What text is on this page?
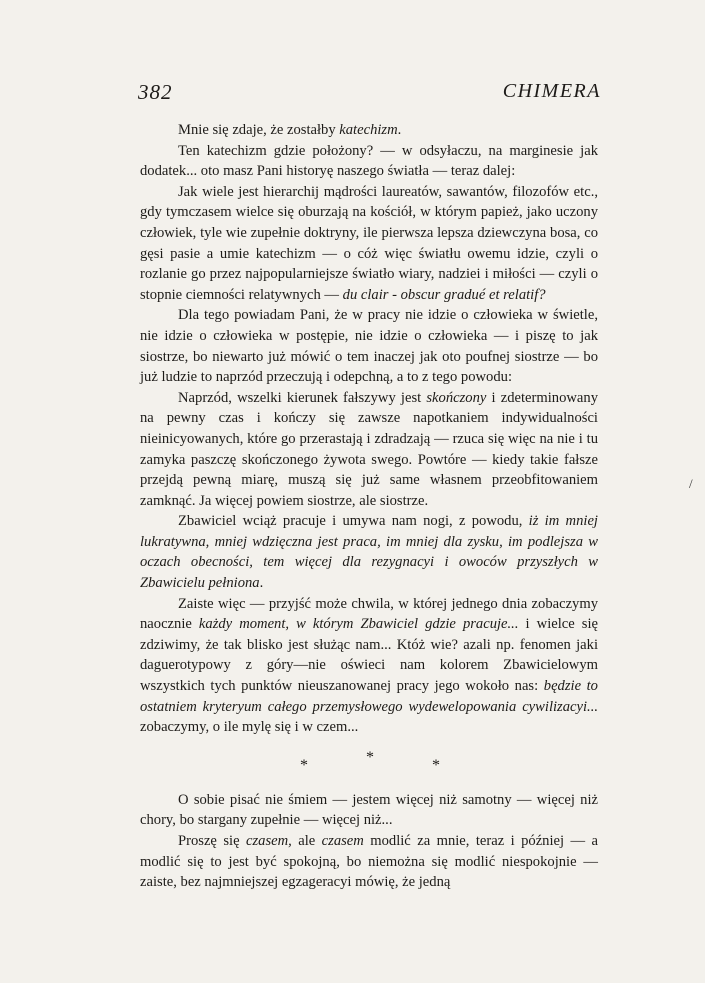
382	CHIMERA

Mnie się zdaje, że zostałby katechizm.

Ten katechizm gdzie położony? — w odsyłaczu, na marginesie jak dodatek... oto masz Pani historyę naszego światła — teraz dalej:

Jak wiele jest hierarchij mądrości laureatów, sawantów, filozofów etc., gdy tymczasem wielce się oburzają na kościół, w którym papież, jako uczony człowiek, tyle wie zupełnie doktryny, ile pierwsza lepsza dziewczyna bosa, co gęsi pasie a umie katechizm — o cóż więc światłu owemu idzie, czyli o rozlanie go przez najpopularniejsze światło wiary, nadziei i miłości — czyli o stopnie ciemności relatywnych — du clair - obscur gradué et relatif?

Dla tego powiadam Pani, że w pracy nie idzie o człowieka w świetle, nie idzie o człowieka w postępie, nie idzie o człowieka — i piszę to jak siostrze, bo niewarto już mówić o tem inaczej jak oto poufnej siostrze — bo już ludzie to naprzód przeczują i odepchną, a to z tego powodu:

Naprzód, wszelki kierunek fałszywy jest skończony i zdeterminowany na pewny czas i kończy się zawsze napotkaniem indywidualności nieinicyowanych, które go przerastają i zdradzają — rzuca się więc na nie i tu zamyka paszczę skończonego żywota swego. Powtóre — kiedy takie fałsze przejdą pewną miarę, muszą się już same własnem przeobfitowaniem zamknąć. Ja więcej powiem siostrze, ale siostrze.

Zbawiciel wciąż pracuje i umywa nam nogi, z powodu, iż im mniej lukratywna, mniej wdzięczna jest praca, im mniej dla zysku, im podlejsza w oczach obecności, tem więcej dla rezygnacyi i owoców przyszłych w Zbawicielu pełniona.

Zaiste więc — przyjść może chwila, w której jednego dnia zobaczymy naocznie każdy moment, w którym Zbawiciel gdzie pracuje... i wielce się zdziwimy, że tak blisko jest służąc nam... Któż wie? azali np. fenomen jaki daguerotypowy z góry—nie oświeci nam kolorem Zbawicielowym wszystkich tych punktów nieuszanowanej pracy jego wokoło nas: będzie to ostatniem kryteryum całego przemysłowego wydewelopowania cywilizacyi... zobaczymy, o ile mylę się i w czem...

*	*	*

O sobie pisać nie śmiem — jestem więcej niż samotny — więcej niż chory, bo stargany zupełnie — więcej niż...

Proszę się czasem, ale czasem modlić za mnie, teraz i później — a modlić się to jest być spokojną, bo niemożna się modlić niespokojnie — zaiste, bez najmniejszej egzageracyi mówię, że jedną

/
